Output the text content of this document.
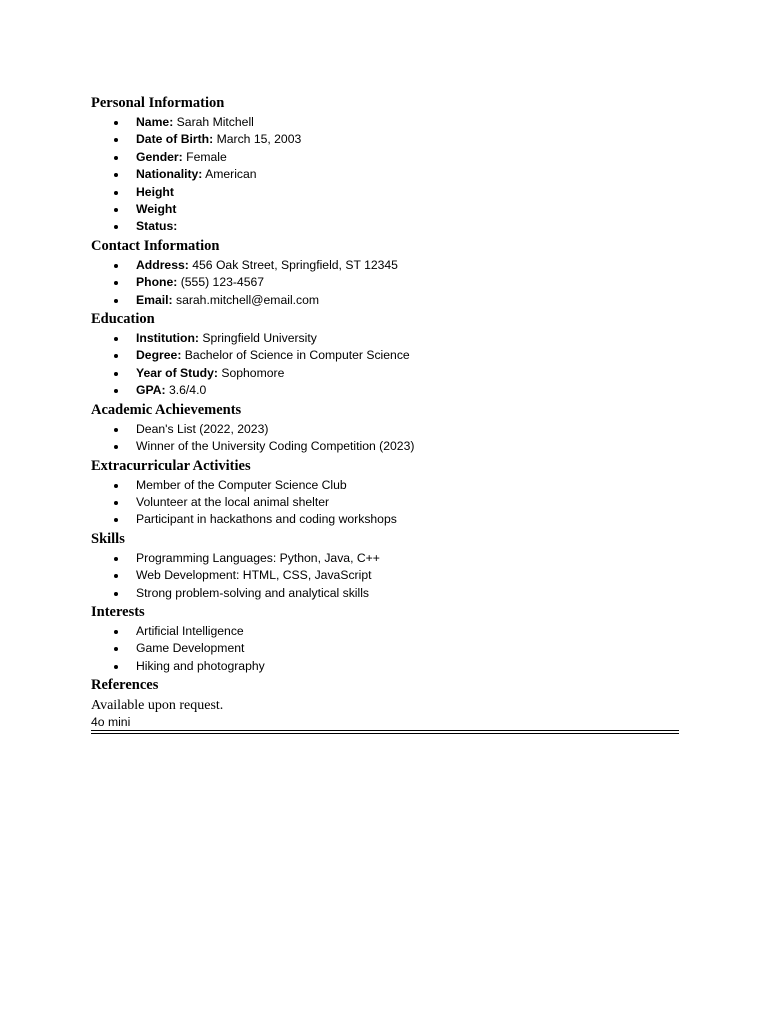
Personal Information
Name: Sarah Mitchell
Date of Birth: March 15, 2003
Gender: Female
Nationality: American
Height
Weight
Status:
Contact Information
Address: 456 Oak Street, Springfield, ST 12345
Phone: (555) 123-4567
Email: sarah.mitchell@email.com
Education
Institution: Springfield University
Degree: Bachelor of Science in Computer Science
Year of Study: Sophomore
GPA: 3.6/4.0
Academic Achievements
Dean's List (2022, 2023)
Winner of the University Coding Competition (2023)
Extracurricular Activities
Member of the Computer Science Club
Volunteer at the local animal shelter
Participant in hackathons and coding workshops
Skills
Programming Languages: Python, Java, C++
Web Development: HTML, CSS, JavaScript
Strong problem-solving and analytical skills
Interests
Artificial Intelligence
Game Development
Hiking and photography
References

Available upon request.

4o mini
